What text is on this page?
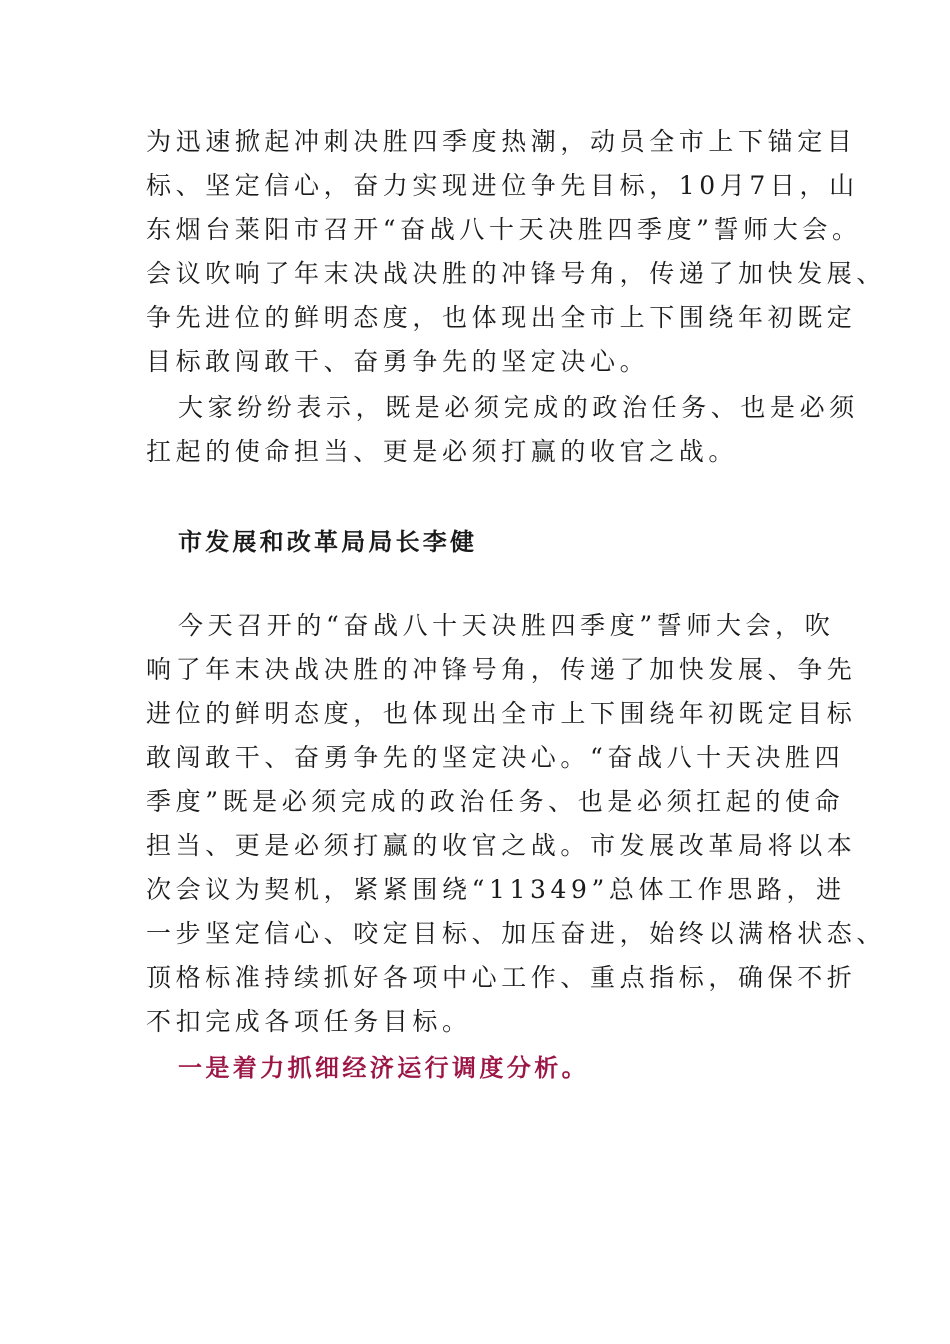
为迅速掀起冲刺决胜四季度热潮，动员全市上下锚定目
标、坚定信心，奋力实现进位争先目标，10月7日，山
东烟台莱阳市召开“奋战八十天决胜四季度”誓师大会。
会议吹响了年末决战决胜的冲锋号角，传递了加快发展、
争先进位的鲜明态度，也体现出全市上下围绕年初既定
目标敢闯敢干、奋勇争先的坚定决心。
大家纷纷表示，既是必须完成的政治任务、也是必须
扛起的使命担当、更是必须打赢的收官之战。
市发展和改革局局长李健
今天召开的“奋战八十天决胜四季度”誓师大会，吹
响了年末决战决胜的冲锋号角，传递了加快发展、争先
进位的鲜明态度，也体现出全市上下围绕年初既定目标
敢闯敢干、奋勇争先的坚定决心。“奋战八十天决胜四
季度”既是必须完成的政治任务、也是必须扛起的使命
担当、更是必须打赢的收官之战。市发展改革局将以本
次会议为契机，紧紧围绕“11349”总体工作思路，进
一步坚定信心、咬定目标、加压奋进，始终以满格状态、
顶格标准持续抓好各项中心工作、重点指标，确保不折
不扣完成各项任务目标。
一是着力抓细经济运行调度分析。
